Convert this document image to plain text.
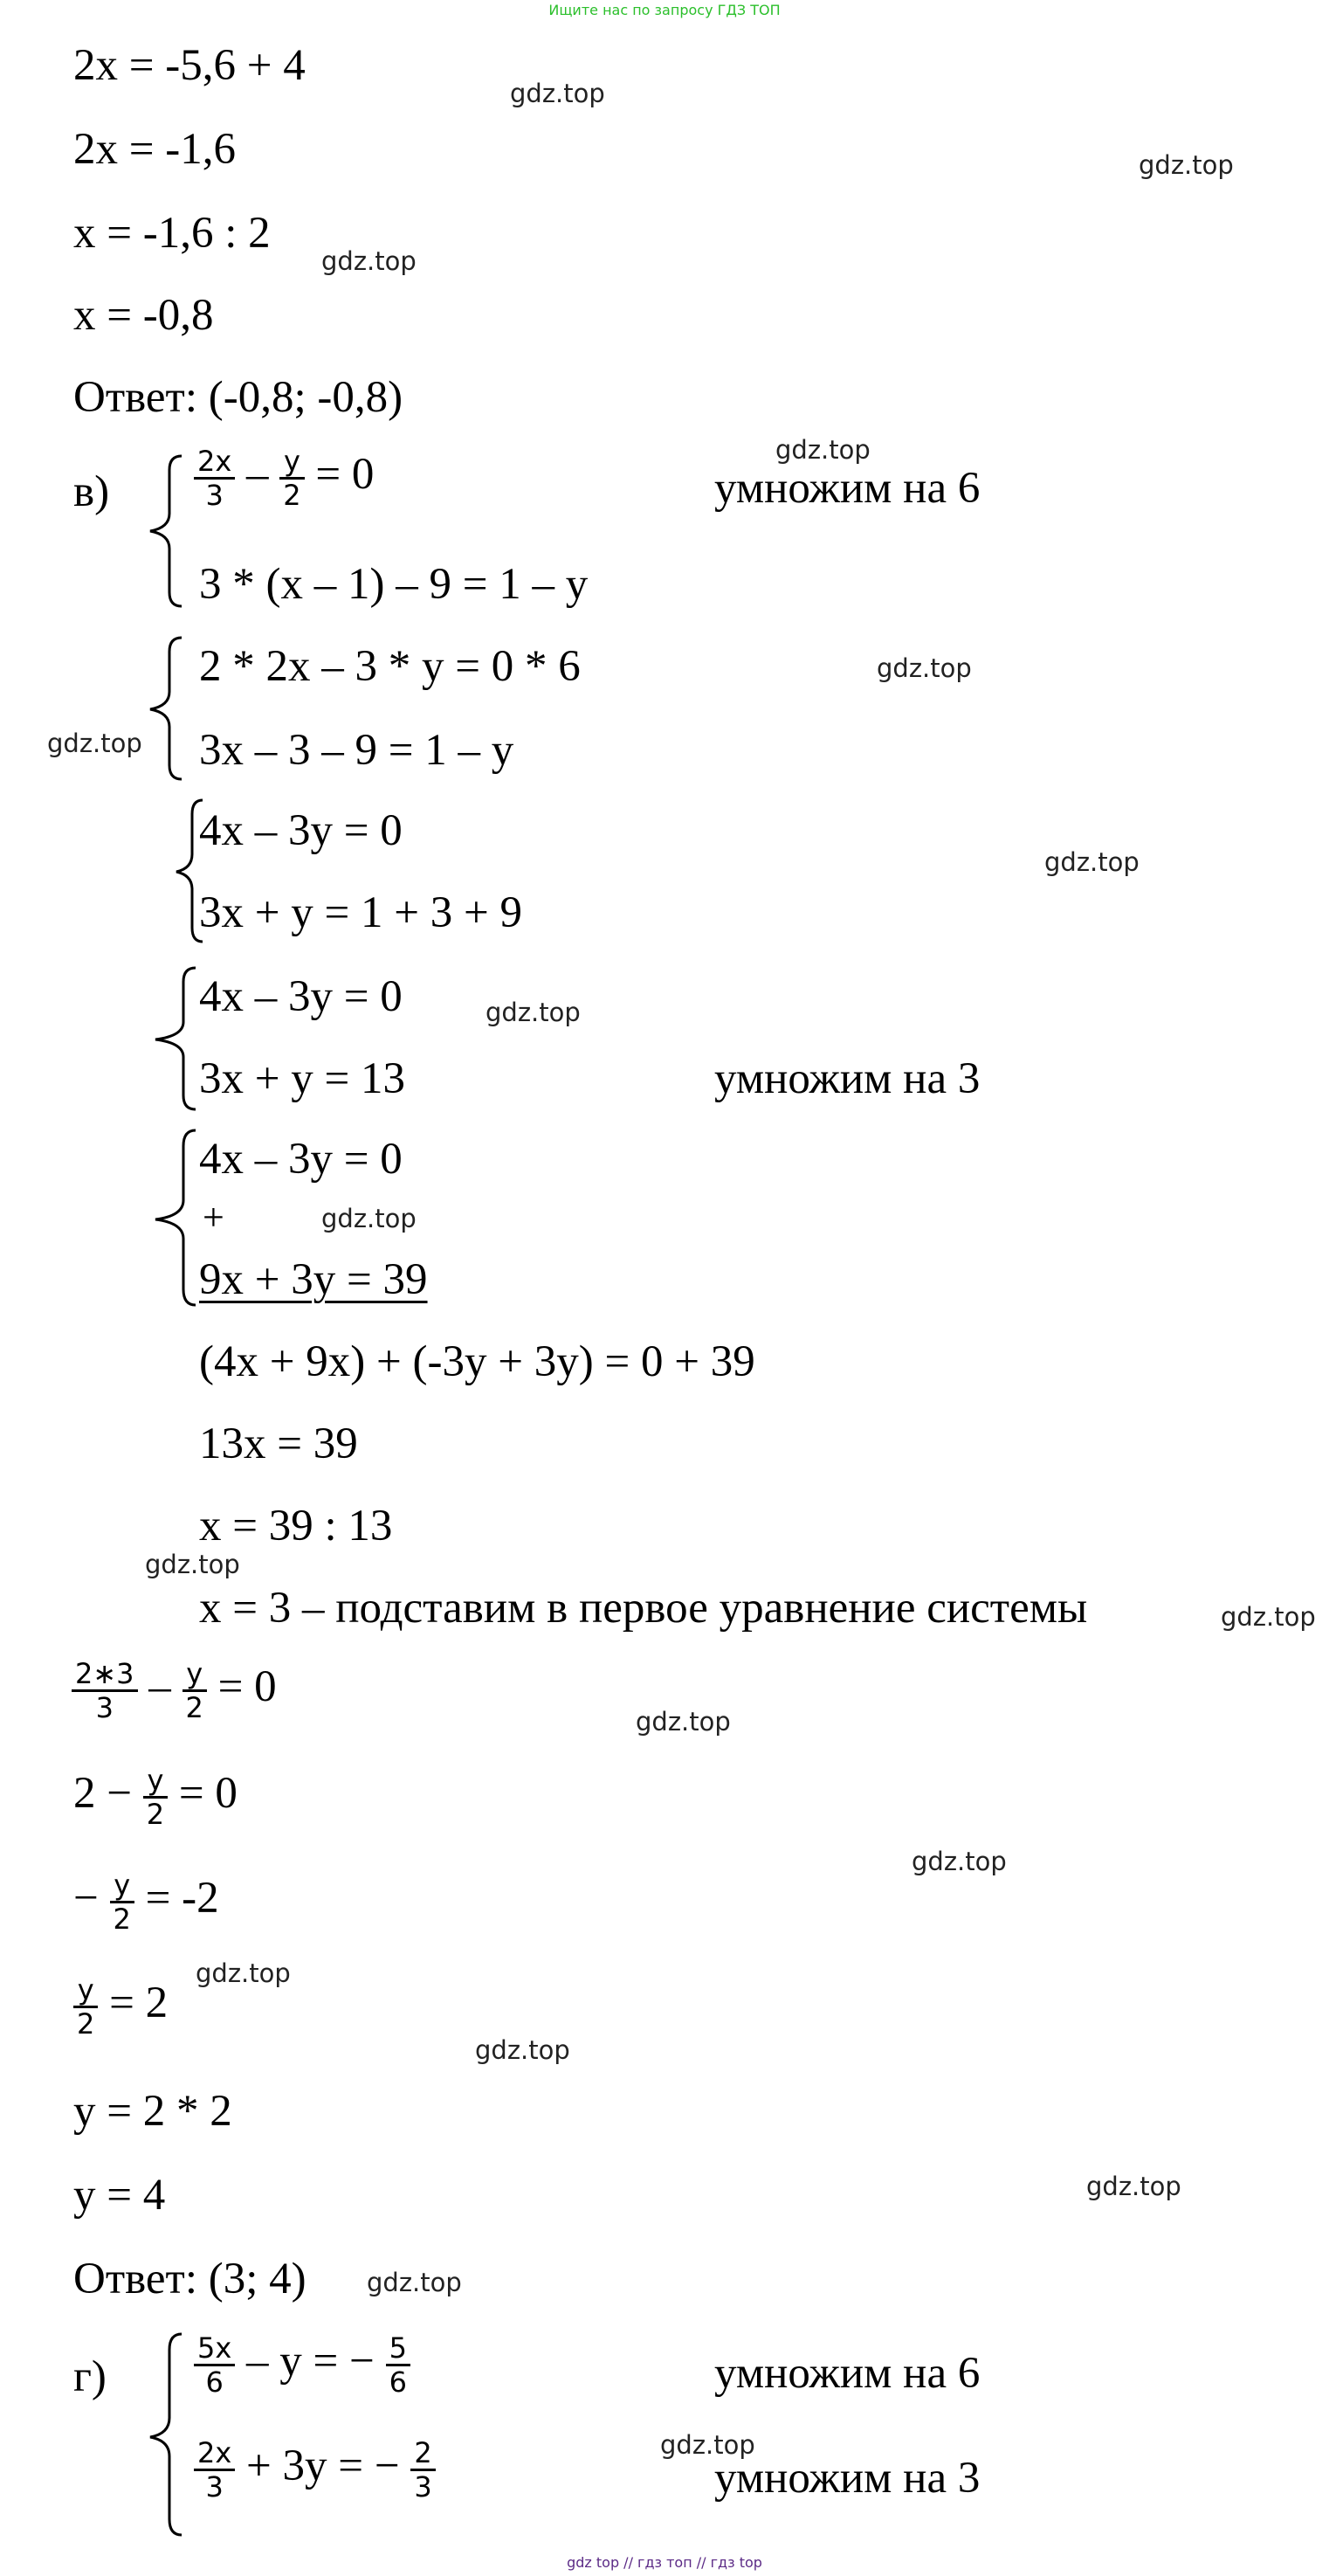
Ищите нас по запросу ГДЗ ТОП
2x = -5,6 + 4
2x = -1,6
x = -1,6 : 2
x = -0,8
Ответ: (-0,8; -0,8)
в)	$\frac{2x}{3} - \frac{y}{2} = 0$	умножим на 6
3 * (x – 1) – 9 = 1 – y
2 * 2x – 3 * y = 0 * 6
3x – 3 – 9 = 1 – y
4x – 3y = 0
3x + y = 1 + 3 + 9
4x – 3y = 0
3x + y = 13	умножим на 3
4x – 3y = 0
+
9x + 3y = 39
(4x + 9x) + (-3y + 3y) = 0 + 39
13x = 39
x = 39 : 13
x = 3 – подставим в первое уравнение системы
$\frac{2∗3}{3} - \frac{y}{2} = 0$
$2 - \frac{y}{2} = 0$
− $\frac{y}{2} = -2$
$\frac{y}{2} = 2$
y = 2 * 2
y = 4
Ответ: (3; 4)
г)	$\frac{5x}{6}$ – y = − $\frac{5}{6}$	умножим на 6
$\frac{2x}{3} + 3y$ = − $\frac{2}{3}$	умножим на 3
gdz.top
gdz.top
gdz.top
gdz.top
gdz.top
gdz.top
gdz.top
gdz.top
gdz.top
gdz.top
gdz.top
gdz.top
gdz.top
gdz.top
gdz.top
gdz.top
gdz.top
gdz.top
gdz top // гдз топ // гдз top
